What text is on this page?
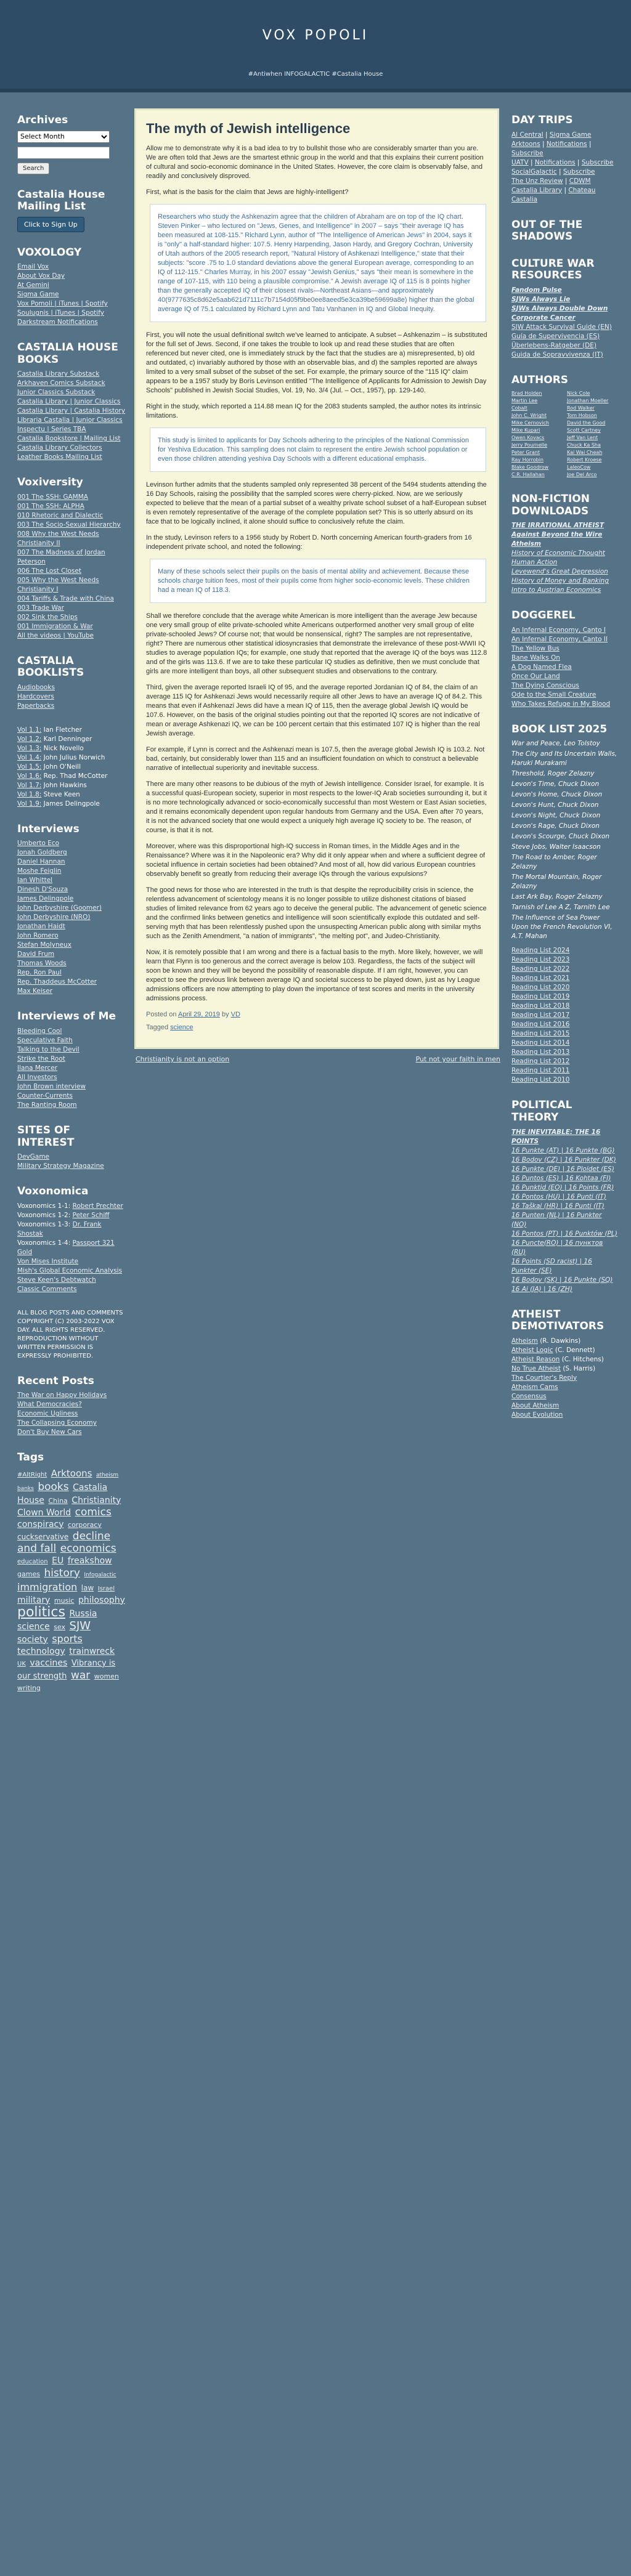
VOX POPOLI
#Antiwhen INFOGALACTIC #Castalia House
Archives
Select Month
Search
Castalia House Mailing List
Click to Sign Up
VOXOLOGY
Email Vox
About Vox Day
At Gemini
Sigma Game
Vox Pomoli | iTunes | Spotify
Soulugnis | iTunes | Spotify
Darkstream Notifications
CASTALIA HOUSE BOOKS
Castalia Library Substack
Arkhaven Comics Substack
Junior Classics Substack
Castalia Library | Junior Classics
Castalia Library | Castalia History
Libraria Castalia | Junior Classics
Inspectu | Series TBA
Castalia Bookstore | Mailing List
Castalia Library Collectors
Leather Books Mailing List
Voxiversity
001 The SSH: GAMMA
001 The SSH: ALPHA
010 Rhetoric and Dialectic
003 The Socio-Sexual Hierarchy
008 Why the West Needs Christianity II
007 The Madness of Jordan Peterson
006 The Lost Closet
005 Why the West Needs Christianity I
004 Tariffs & Trade with China
003 Trade War
002 Sink the Ships
001 Immigration & War
All the videos | YouTube
CASTALIA BOOKLISTS
Audiobooks
Hardcovers
Paperbacks
Vol 1.1: Ian Fletcher
Vol 1.2: Karl Denninger
Vol 1.3: Nick Novello
Vol 1.4: John Julius Norwich
Vol 1.5: John O'Neill
Vol 1.6: Rep. Thad McCotter
Vol 1.7: John Hawkins
Vol 1.8: Steve Keen
Vol 1.9: James Delingpole
Interviews
Umberto Eco
Jonah Goldberg
Daniel Hannan
Moshe Feiglin
Ian Whittel
Dinesh D'Souza
James Delingpole
John Derbyshire (Goomer)
John Derbyshire (NRO)
Jonathan Haidt
John Romero
Stefan Molyneux
David Frum
Thomas Woods
Rep. Ron Paul
Rep. Thaddeus McCotter
Max Keiser
Interviews of Me
Bleeding Cool
Speculative Faith
Talking to the Devil
Strike the Root
Ilana Mercer
All Investors
John Brown interview
Counter-Currents
The Ranting Room
SITES OF INTEREST
DevGame
Military Strategy Magazine
Voxonomica
Voxonomics 1-1: Robert Prechter
Voxonomics 1-2: Peter Schiff
Voxonomics 1-3: Dr. Frank Shostak
Voxonomics 1-4: Passport 321 Gold
Von Mises Institute
Mish's Global Economic Analysis
Steve Keen's Debtwatch
Classic Comments
ALL BLOG POSTS AND COMMENTS COPYRIGHT (C) 2003-2022 VOX DAY. ALL RIGHTS RESERVED. REPRODUCTION WITHOUT WRITTEN PERMISSION IS EXPRESSLY PROHIBITED.
Recent Posts
The War on Happy Holidays
What Democracies?
Economic Ugliness
The Collapsing Economy
Don't Buy New Cars
Tags
#AltRight Arktoons atheism banks books Castalia House China Christianity Clown World comics conspiracy corporacy cuckservative decline and fall economics education EU freakshow games history Infogalactic immigration law Israel military music philosophy politics Russia science sex SJW society sports technology trainwreck UK vaccines Vibrancy is our strength war women writing
The myth of Jewish intelligence

Allow me to demonstrate why it is a bad idea to try to bullshit those who are considerably smarter than you are. We are often told that Jews are the smartest ethnic group in the world and that this explains their current position of cultural and socio-economic dominance in the United States. However, the core claim is observably false, and readily and conclusively disproved.

First, what is the basis for the claim that Jews are highly-intelligent?

Researchers who study the Ashkenazim agree that the children of Abraham are on top of the IQ chart. Steven Pinker – who lectured on "Jews, Genes, and Intelligence" in 2007 – says "their average IQ has been measured at 108-115." Richard Lynn, author of "The Intelligence of American Jews" in 2004, says it is "only" a half-standard higher: 107.5. Henry Harpending, Jason Hardy, and Gregory Cochran, University of Utah authors of the 2005 research report, "Natural History of Ashkenazi Intelligence," state that their subjects: "score .75 to 1.0 standard deviations above the general European average, corresponding to an IQ of 112-115." Charles Murray, in his 2007 essay "Jewish Genius," says "their mean is somewhere in the range of 107-115, with 110 being a plausible compromise." A Jewish average IQ of 115 is 8 points higher than the generally accepted IQ of their closest rivals—Northeast Asians—and approximately 40(9777635c8d62e5aab621d7111c7b7154d05f9be0ee8aeed5e3ca39be59699a8e) higher than the global average IQ of 75.1 calculated by Richard Lynn and Tatu Vanhanen in IQ and Global Inequity.

First, you will note the usual definitional switch we've learned to anticipate. A subset – Ashkenazim – is substituted for the full set of Jews. Second, if one takes the trouble to look up and read these studies that are often referenced but never cited, one is immediately struck by the fact that the studies are a) misrepresented, b) old and outdated, c) invariably authored by those with an observable bias, and d) the samples reported are always limited to a very small subset of the subset of the set. For example, the primary source of the "115 IQ" claim appears to be a 1957 study by Boris Levinson entitled "The Intelligence of Applicants for Admission to Jewish Day Schools" published in Jewish Social Studies, Vol. 19, No. 3/4 (Jul. – Oct., 1957), pp. 129-140.

Right in the study, which reported a 114.88 mean IQ for the 2083 students sampled, the author notes its intrinsic limitations.

This study is limited to applicants for Day Schools adhering to the principles of the National Commission for Yeshiva Education. This sampling does not claim to represent the entire Jewish school population or even those children attending yeshiva Day Schools with a different educational emphasis.

Levinson further admits that the students sampled only represented 38 percent of the 5494 students attending the 16 Day Schools, raising the possibility that the sampled scores were cherry-picked. Now, are we seriously expected to believe that the mean of a partial subset of a wealthy private school subset of a half-European subset is even remotely representative of the average of the complete population set? This is so utterly absurd on its face that to be logically inclined, it alone should suffice to conclusively refute the claim.

In the study, Levinson refers to a 1956 study by Robert D. North concerning American fourth-graders from 16 independent private school, and noted the following:

Many of these schools select their pupils on the basis of mental ability and achievement. Because these schools charge tuition fees, most of their pupils come from higher socio-economic levels. These children had a mean IQ of 118.3.

Shall we therefore conclude that the average white American is more intelligent than the average Jew because one very small group of elite private-schooled white Americans outperformed another very small group of elite private-schooled Jews? Of course not; that would be nonsensical, right? The samples are not representative, right? There are numerous other statistical idiosyncrasies that demonstrate the irrelevance of these post-WWII IQ studies to average population IQs; for example, one study that reported that the average IQ of the boys was 112.8 and of the girls was 113.6. If we are to take these particular IQ studies as definitive, then we must conclude that girls are more intelligent than boys, all other subsequent studies and observations to the contrary.

Third, given the average reported Israeli IQ of 95, and the average reported Jordanian IQ of 84, the claim of an average 115 IQ for Ashkenazi Jews would necessarily require all other Jews to have an average IQ of 84.2. This means that even if Ashkenazi Jews did have a mean IQ of 115, then the average global Jewish IQ would be 107.6. However, on the basis of the original studies pointing out that the reported IQ scores are not indicative of mean or average Ashkenazi IQ, we can be 100 percent certain that this estimated 107 IQ is higher than the real Jewish average.

For example, if Lynn is correct and the Ashkenazi mean is 107.5, then the average global Jewish IQ is 103.2. Not bad, certainly, but considerably lower than 115 and an insufficient foundation on which to construct a believable narrative of intellectual superiority and inevitable success.

There are many other reasons to be dubious of the myth of Jewish intelligence. Consider Israel, for example. It is a successful quasi-European society, superior in most respects to the lower-IQ Arab societies surrounding it, but it is no more technologically advanced or socio-economically successful than most Western or East Asian societies, and it remains economically dependent upon regular handouts from Germany and the USA. Even after 70 years, it is not the advanced society that one would expect a uniquely high average IQ society to be. The reason, of course, is that it is not.

Moreover, where was this disproportional high-IQ success in Roman times, in the Middle Ages and in the Renaissance? Where was it in the Napoleonic era? Why did it only appear when and where a sufficient degree of societal influence in certain societies had been obtained? And most of all, how did various European countries observably benefit so greatly from reducing their average IQs through the various expulsions?

The good news for those who are interested in the truth is that despite the reproducibility crisis in science, the relentless advancement of scientology means it is no longer possible to utilize dishonest citations of biased studies of limited relevance from 62 years ago to deceive the general public. The advancement of genetic science and the confirmed links between genetics and intelligence will soon scientifically explode this outdated and self-serving myth that has been relentlessly pushed upon the unsuspecting American public along with similar myths such as the Zenith Amendment, "a nation of immigrants", "the melting pot", and Judeo-Christianity.

Now, it is remotely possible that I am wrong and there is a factual basis to the myth. More likely, however, we will learn that Flynn is too generous and the correct average is below 103. Regardless, the facts of the subject will soon be known and they will be beyond the possibility of reasonable dispute. If I am right, however, you can expect to see the previous link between average IQ and societal success to be played down, just as Ivy League admissions officers are now attempting to play down the importance of test scores and merits in the university admissions process.

Posted on April 29, 2019 by VD
Tagged science
Christianity is not an option	Put not your faith in men
DAY TRIPS
Al Central | Sigma Game
Arktoons | Notifications | Subscribe
UATV | Notifications | Subscribe
SocialGalactic | Subscribe
The Unz Review | CDWM
Castalia Library | Chateau Castalia
OUT OF THE SHADOWS
CULTURE WAR RESOURCES
Fandom Pulse
SJWs Always Lie
SJWs Always Double Down
Corporate Cancer
SJW Attack Survival Guide (EN)
Guía de Supervivencia (ES)
Überlebens-Ratgeber (DE)
Guida de Sopravvivenza (IT)
AUTHORS
Brad Holden	Nick Cole
Martin Lee	Jonathan Moeller
Cobalt	Rod Walker
John C. Wright	Tom Hobson
Mike Cernovich	David the Good
Mike Kupari	Scott Cartney
Owen Kovacs	Jeff Van Lent
Jerry Pournelle	Chuck Ka Sha
Peter Grant	Kai Wai Cheah
Ray Horrobin	Robert Kroese
Blake Goodrow	LaleoCow
C.R. Hallahan	Joe Del Arco
NON-FICTION DOWNLOADS
THE IRRATIONAL ATHEIST
Against Beyond the Wire Atheism
History of Economic Thought
Human Action
Levewend's Great Depression
History of Money and Banking
Intro to Austrian Economics
DOGGEREL
An Infernal Economy, Canto I
An Infernal Economy, Canto II
The Yellow Bus
Bane Walks On
A Dog Named Flea
Once Our Land
The Dying Conscious
Ode to the Small Creature
Who Takes Refuge in My Blood
BOOK LIST 2025
War and Peace, Leo Tolstoy
The City and Its Uncertain Walls, Haruki Murakami
Threshold, Roger Zelazny
Levon's Time, Chuck Dixon
Levon's Home, Chuck Dixon
Levon's Hunt, Chuck Dixon
Levon's Night, Chuck Dixon
Levon's Rage, Chuck Dixon
Levon's Scourge, Chuck Dixon
Steve Jobs, Walter Isaacson
The Road to Amber, Roger Zelazny
The Mortal Mountain, Roger Zelazny
Last Ark Bay, Roger Zelazny
Tarnish of Lee A Z, Tarnith Lee
The Influence of Sea Power Upon the French Revolution VI, A.T. Mahan
Reading List 2024
Reading List 2023
Reading List 2022
Reading List 2021
Reading List 2020
Reading List 2019
Reading List 2018
Reading List 2017
Reading List 2016
Reading List 2015
Reading List 2014
Reading List 2013
Reading List 2012
Reading List 2011
Reading List 2010
POLITICAL THEORY
THE INEVITABLE: THE 16 POINTS
16 Punkte (AT) | 16 Punkte (BG)
16 Bodov (CZ) | 16 Punkter (DK)
16 Punkte (DE) | 16 Ploidet (ES)
16 Puntos (ES) | 16 Kohtaa (FI)
16 Punktid (EO) | 16 Points (FR)
16 Pontos (HU) | 16 Punti (IT)
16 Taškai (HR) | 16 Punti (IT)
16 Punten (NL) | 16 Punkter (NO)
16 Pontos (PT) | 16 Punktów (PL)
16 Puncte(RO) | 16 пунктов (RU)
16 Points (SD racist) | 16 Punkter (SE)
16 Bodov (SK) | 16 Punkte (SQ)
16 Ai (JA) | 16 (ZH)
ATHEIST DEMOTIVATORS
Atheism (R. Dawkins)
Atheist Logic (C. Dennett)
Atheist Reason (C. Hitchens)
No True Atheist (S. Harris)
The Courtier's Reply
Atheism Cams
Consensus
About Atheism
About Evolution
